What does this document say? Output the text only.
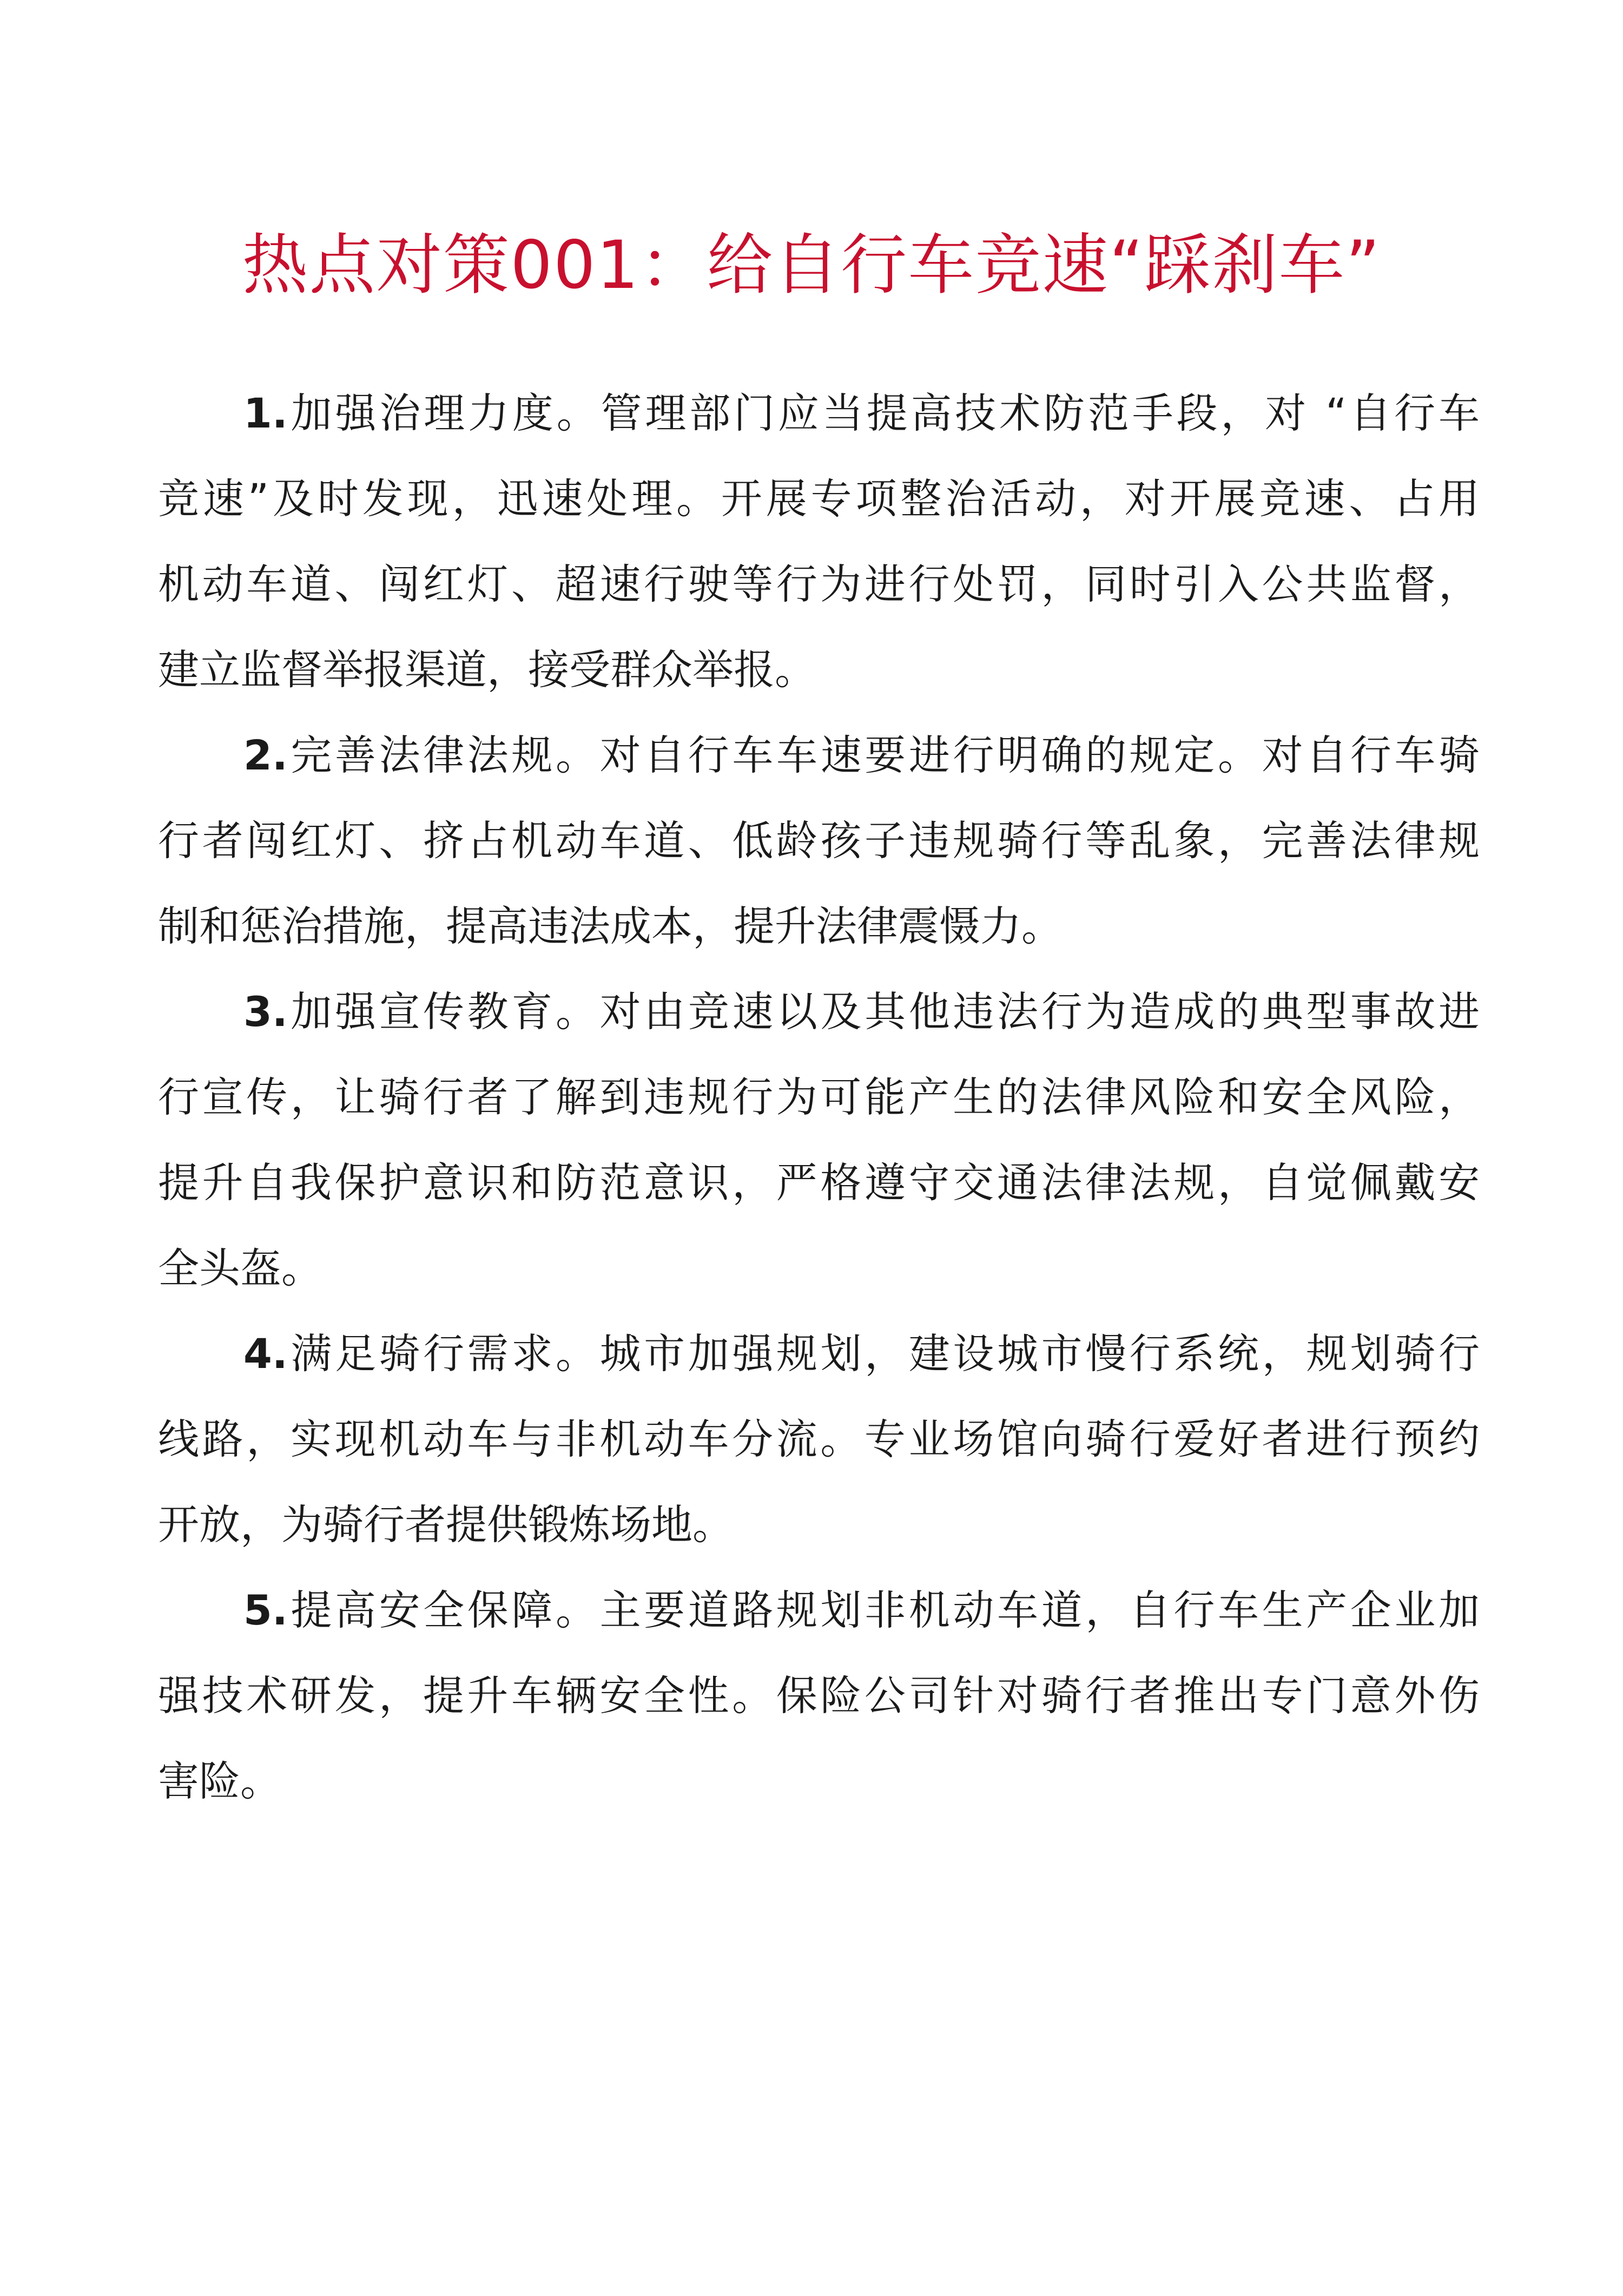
热点对策001：给自行车竞速“踩刹车”
1.加强治理力度。管理部门应当提高技术防范手段，对 “自行车
竞速”及时发现，迅速处理。开展专项整治活动，对开展竞速、占用
机动车道、闯红灯、超速行驶等行为进行处罚，同时引入公共监督，
建立监督举报渠道，接受群众举报。
2.完善法律法规。对自行车车速要进行明确的规定。对自行车骑
行者闯红灯、挤占机动车道、低龄孩子违规骑行等乱象，完善法律规
制和惩治措施，提高违法成本，提升法律震慑力。
3.加强宣传教育。对由竞速以及其他违法行为造成的典型事故进
行宣传，让骑行者了解到违规行为可能产生的法律风险和安全风险，
提升自我保护意识和防范意识，严格遵守交通法律法规，自觉佩戴安
全头盔。
4.满足骑行需求。城市加强规划，建设城市慢行系统，规划骑行
线路，实现机动车与非机动车分流。专业场馆向骑行爱好者进行预约
开放，为骑行者提供锻炼场地。
5.提高安全保障。主要道路规划非机动车道，自行车生产企业加
强技术研发，提升车辆安全性。保险公司针对骑行者推出专门意外伤
害险。
